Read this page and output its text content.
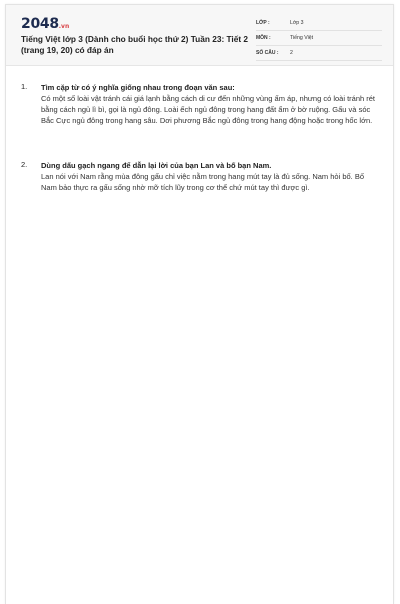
2048.vn
Tiếng Việt lớp 3 (Dành cho buổi học thứ 2) Tuần 23: Tiết 2 (trang 19, 20) có đáp án
LỚP :	Lớp 3
MÔN :	Tiếng Việt
SỐ CÂU : 2
1. Tìm cặp từ có ý nghĩa giống nhau trong đoạn văn sau:
Có một số loài vật tránh cái giá lạnh bằng cách di cư đến những vùng ấm áp, nhưng có loài tránh rét bằng cách ngủ lì bì, gọi là ngủ đông. Loài ếch ngủ đông trong hang đất ẩm ở bờ ruộng. Gấu và sóc Bắc Cực ngủ đông trong hang sâu. Dơi phương Bắc ngủ đông trong hang động hoặc trong hốc lớn.
2. Dùng dấu gạch ngang để dẫn lại lời của bạn Lan và bố bạn Nam.
Lan nói với Nam rằng mùa đông gấu chỉ việc nằm trong hang mút tay là đủ sống. Nam hỏi bố. Bố Nam bảo thực ra gấu sống nhờ mỡ tích lũy trong cơ thể chứ mút tay thì được gì.
